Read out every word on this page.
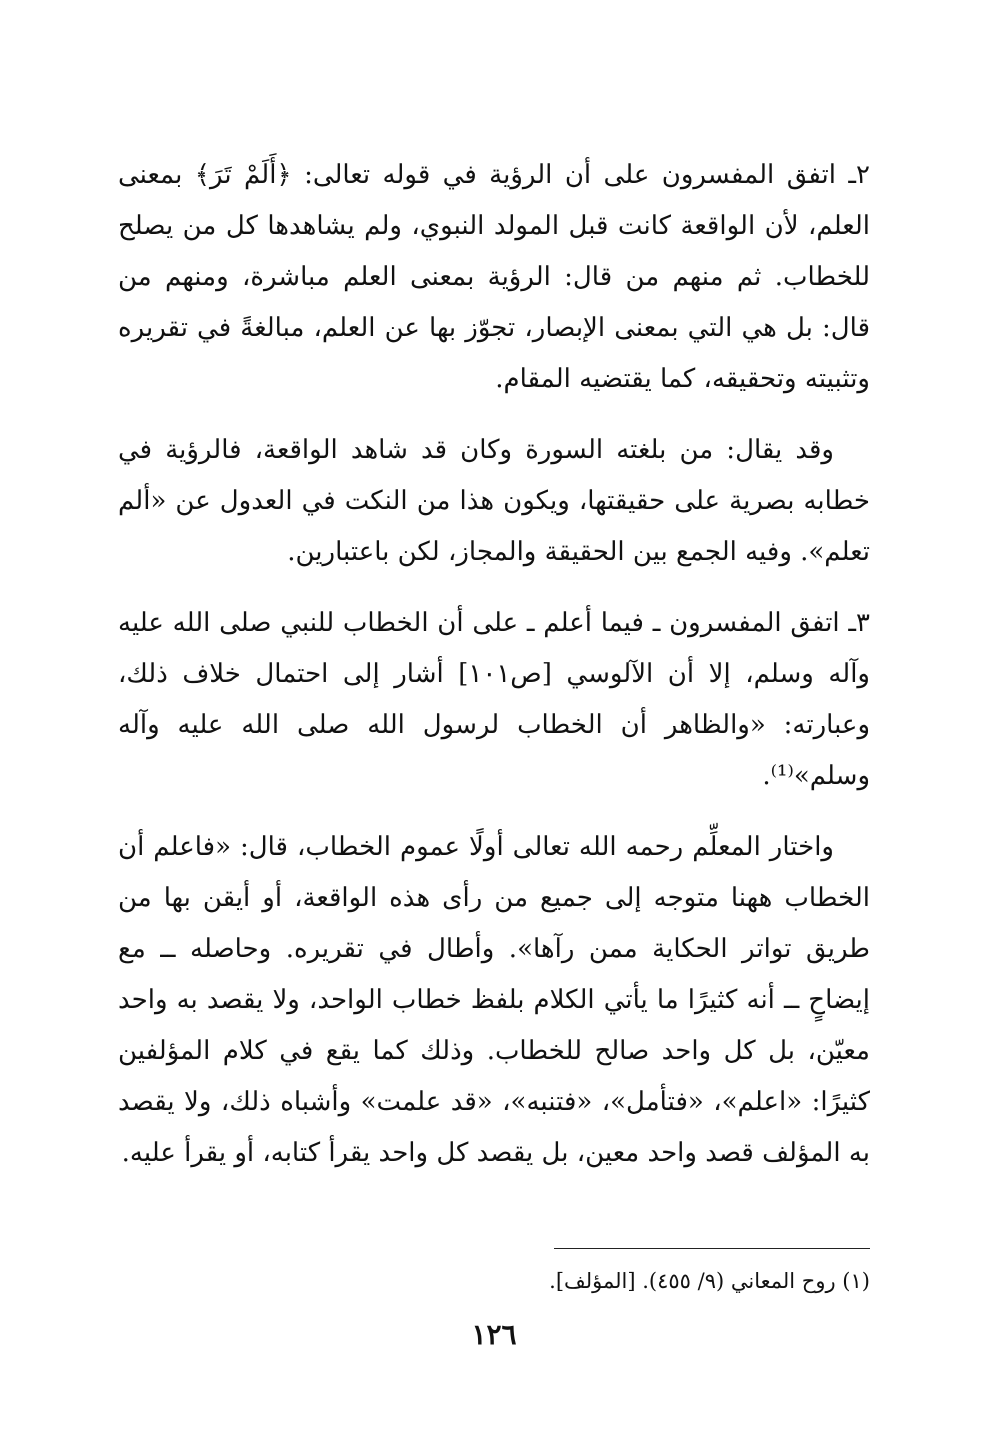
٢ـ اتفق المفسرون على أن الرؤية في قوله تعالى: ﴿أَلَمْ تَرَ﴾ بمعنى العلم، لأن الواقعة كانت قبل المولد النبوي، ولم يشاهدها كل من يصلح للخطاب. ثم منهم من قال: الرؤية بمعنى العلم مباشرة، ومنهم من قال: بل هي التي بمعنى الإبصار، تجوّز بها عن العلم، مبالغةً في تقريره وتثبيته وتحقيقه، كما يقتضيه المقام.

وقد يقال: من بلغته السورة وكان قد شاهد الواقعة، فالرؤية في خطابه بصرية على حقيقتها، ويكون هذا من النكت في العدول عن «ألم تعلم». وفيه الجمع بين الحقيقة والمجاز، لكن باعتبارين.

٣ـ اتفق المفسرون ـ فيما أعلم ـ على أن الخطاب للنبي صلى الله عليه وآله وسلم، إلا أن الآلوسي [ص١٠١] أشار إلى احتمال خلاف ذلك، وعبارته: «والظاهر أن الخطاب لرسول الله صلى الله عليه وآله وسلم»⁽¹⁾.

واختار المعلِّم رحمه الله تعالى أولًا عموم الخطاب، قال: «فاعلم أن الخطاب ههنا متوجه إلى جميع من رأى هذه الواقعة، أو أيقن بها من طريق تواتر الحكاية ممن رآها». وأطال في تقريره. وحاصله ــ مع إيضاحٍ ــ أنه كثيرًا ما يأتي الكلام بلفظ خطاب الواحد، ولا يقصد به واحد معيّن، بل كل واحد صالح للخطاب. وذلك كما يقع في كلام المؤلفين كثيرًا: «اعلم»، «فتأمل»، «فتنبه»، «قد علمت» وأشباه ذلك، ولا يقصد به المؤلف قصد واحد معين، بل يقصد كل واحد يقرأ كتابه، أو يقرأ عليه.

(١) روح المعاني (٩/ ٤٥٥). [المؤلف].
١٢٦
